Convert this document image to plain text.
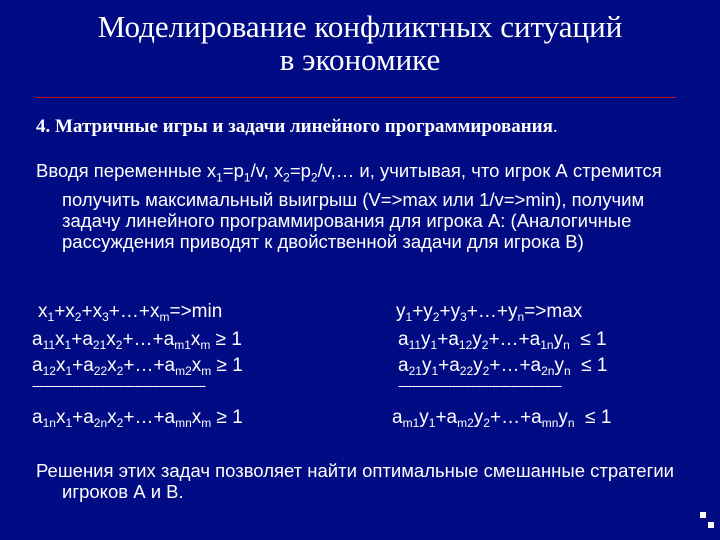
Моделирование конфликтных ситуаций
в экономике
4. Матричные игры и задачи линейного программирования.
Вводя переменные $x_1=p_1/v$, $x_2=p_2/v,\dots$ и, учитывая, что игрок А стремится получить максимальный выигрыш (V=>max или 1/v=>min), получим задачу линейного программирования для игрока А: (Аналогичные рассуждения приводят к двойственной задачи для игрока В)
$x_1+x_2+x_3+\dots+x_m=>\min$
$a_{11}x_1+a_{21}x_2+\dots+a_{m1}x_m \ge 1$
$a_{12}x_1+a_{22}x_2+\dots+a_{m2}x_m \ge 1$
----------------------------------------------------
$a_{1n}x_1+a_{2n}x_2+\dots+a_{mn}x_m \ge 1$
$y_1+y_2+y_3+\dots+y_n=>\max$
$a_{11}y_1+a_{12}y_2+\dots+a_{1n}y_n \le 1$
$a_{21}y_1+a_{22}y_2+\dots+a_{2n}y_n \le 1$
-------------------------------------------------
$a_{m1}y_1+a_{m2}y_2+\dots+a_{mn}y_n \le 1$
Решения этих задач позволяет найти оптимальные смешанные стратегии игроков А и В.
